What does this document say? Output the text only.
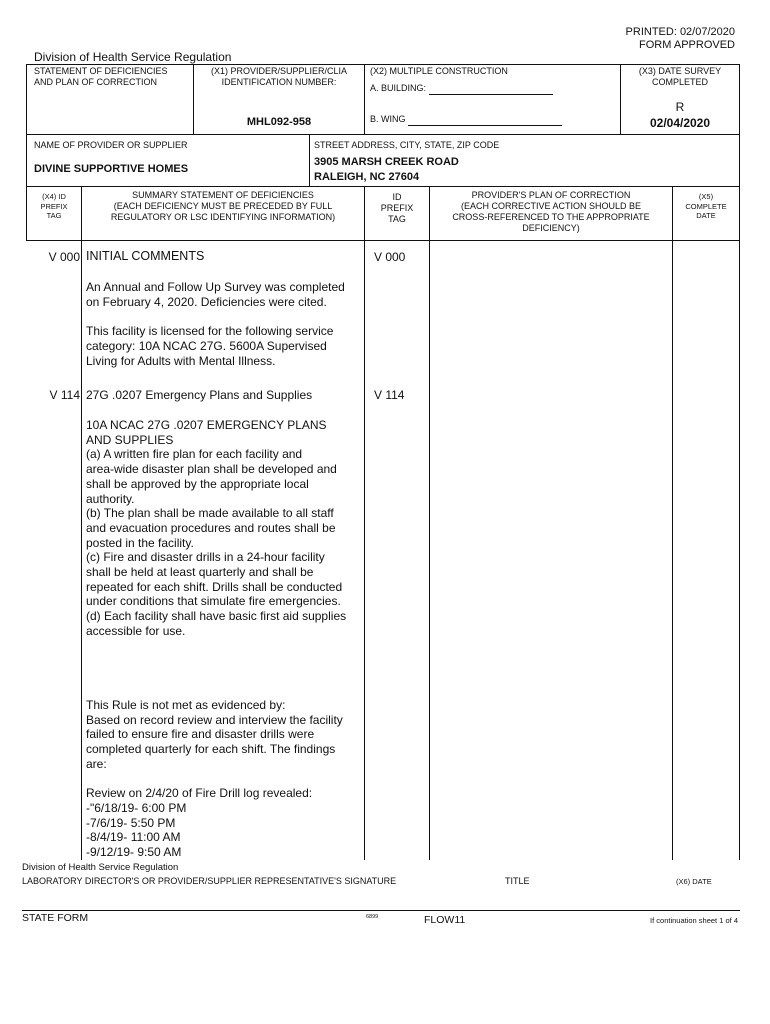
PRINTED: 02/07/2020
FORM APPROVED
Division of Health Service Regulation
STATEMENT OF DEFICIENCIES
AND PLAN OF CORRECTION
(X1) PROVIDER/SUPPLIER/CLIA
IDENTIFICATION NUMBER:
MHL092-958
(X2) MULTIPLE CONSTRUCTION
A. BUILDING:
B. WING
(X3) DATE SURVEY
COMPLETED
R
02/04/2020
NAME OF PROVIDER OR SUPPLIER
DIVINE SUPPORTIVE HOMES
STREET ADDRESS, CITY, STATE, ZIP CODE
3905 MARSH CREEK ROAD
RALEIGH, NC 27604
(X4) ID
PREFIX
TAG
SUMMARY STATEMENT OF DEFICIENCIES
(EACH DEFICIENCY MUST BE PRECEDED BY FULL
REGULATORY OR LSC IDENTIFYING INFORMATION)
ID
PREFIX
TAG
PROVIDER'S PLAN OF CORRECTION
(EACH CORRECTIVE ACTION SHOULD BE
CROSS-REFERENCED TO THE APPROPRIATE
DEFICIENCY)
(X5)
COMPLETE
DATE
V 000 INITIAL COMMENTS	V 000
An Annual and Follow Up Survey was completed
on February 4, 2020. Deficiencies were cited.
This facility is licensed for the following service
category: 10A NCAC 27G. 5600A Supervised
Living for Adults with Mental Illness.
V 114 27G .0207 Emergency Plans and Supplies	V 114
10A NCAC 27G .0207 EMERGENCY PLANS
AND SUPPLIES
(a) A written fire plan for each facility and
area-wide disaster plan shall be developed and
shall be approved by the appropriate local
authority.
(b) The plan shall be made available to all staff
and evacuation procedures and routes shall be
posted in the facility.
(c) Fire and disaster drills in a 24-hour facility
shall be held at least quarterly and shall be
repeated for each shift. Drills shall be conducted
under conditions that simulate fire emergencies.
(d) Each facility shall have basic first aid supplies
accessible for use.
This Rule is not met as evidenced by:
Based on record review and interview the facility
failed to ensure fire and disaster drills were
completed quarterly for each shift. The findings
are:
Review on 2/4/20 of Fire Drill log revealed:
-"6/18/19- 6:00 PM
-7/6/19- 5:50 PM
-8/4/19- 11:00 AM
-9/12/19- 9:50 AM
Division of Health Service Regulation
LABORATORY DIRECTOR'S OR PROVIDER/SUPPLIER REPRESENTATIVE'S SIGNATURE	TITLE	(X6) DATE
STATE FORM	6899	FLOW11	If continuation sheet 1 of 4
